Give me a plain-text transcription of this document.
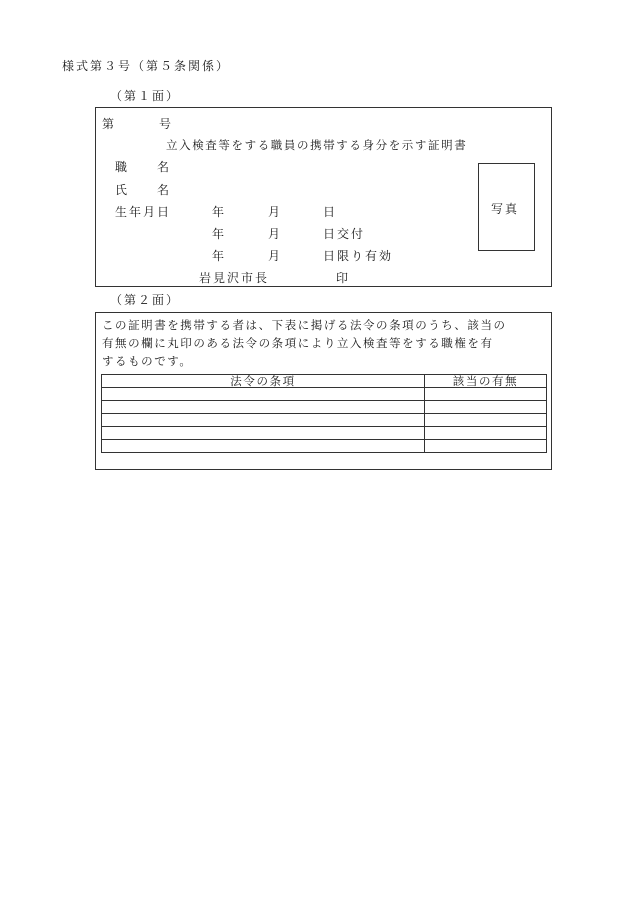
様式第３号（第５条関係）
（第１面）
第	号
立入検査等をする職員の携帯する身分を示す証明書
職　　名
氏　　名
生年月日	年	月	日
年	月	日交付
年	月	日限り有効
岩見沢市長	印
写真
（第２面）
この証明書を携帯する者は、下表に掲げる法令の条項のうち、該当の
有無の欄に丸印のある法令の条項により立入検査等をする職権を有
するものです。
法令の条項	該当の有無
